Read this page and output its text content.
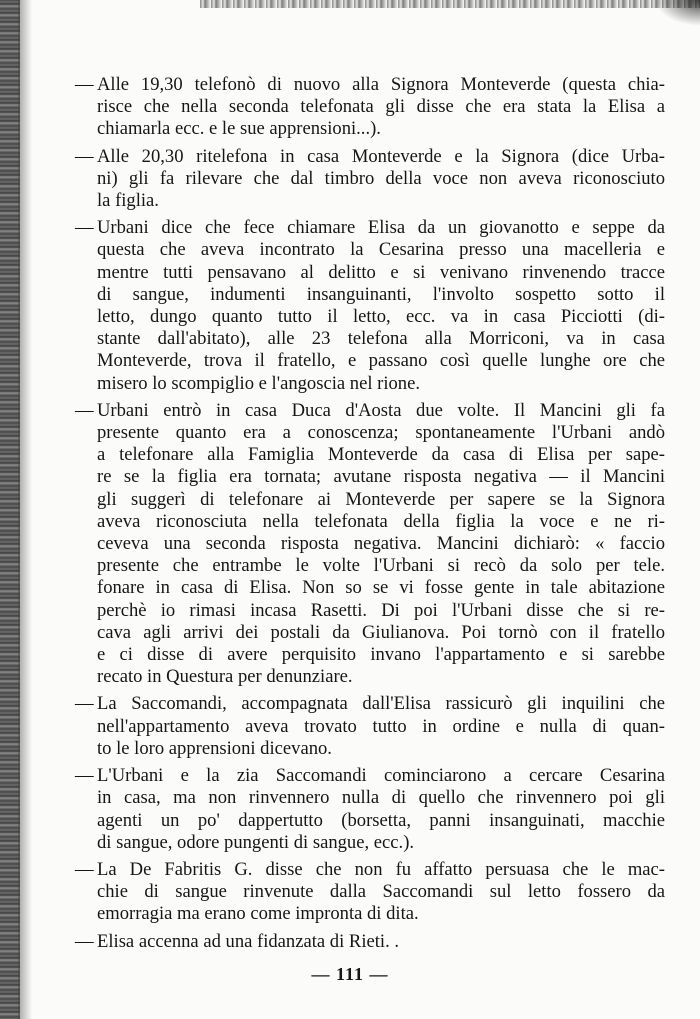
— Alle 19,30 telefonò di nuovo alla Signora Monteverde (questa chia-
risce che nella seconda telefonata gli disse che era stata la Elisa a
chiamarla ecc. e le sue apprensioni...).
— Alle 20,30 ritelefona in casa Monteverde e la Signora (dice Urba-
ni) gli fa rilevare che dal timbro della voce non aveva riconosciuto
la figlia.
— Urbani dice che fece chiamare Elisa da un giovanotto e seppe da
questa che aveva incontrato la Cesarina presso una macelleria e
mentre tutti pensavano al delitto e si venivano rinvenendo tracce
di sangue, indumenti insanguinanti, l'involto sospetto sotto il
letto, dungo quanto tutto il letto, ecc. va in casa Picciotti (di-
stante dall'abitato), alle 23 telefona alla Morriconi, va in casa
Monteverde, trova il fratello, e passano così quelle lunghe ore che
misero lo scompiglio e l'angoscia nel rione.
— Urbani entrò in casa Duca d'Aosta due volte. Il Mancini gli fa
presente quanto era a conoscenza; spontaneamente l'Urbani andò
a telefonare alla Famiglia Monteverde da casa di Elisa per sape-
re se la figlia era tornata; avutane risposta negativa — il Mancini
gli suggerì di telefonare ai Monteverde per sapere se la Signora
aveva riconosciuta nella telefonata della figlia la voce e ne ri-
ceveva una seconda risposta negativa. Mancini dichiarò: « faccio
presente che entrambe le volte l'Urbani si recò da solo per tele.
fonare in casa di Elisa. Non so se vi fosse gente in tale abitazione
perchè io rimasi incasa Rasetti. Di poi l'Urbani disse che si re-
cava agli arrivi dei postali da Giulianova. Poi tornò con il fratello
e ci disse di avere perquisito invano l'appartamento e si sarebbe
recato in Questura per denunziare.
— La Saccomandi, accompagnata dall'Elisa rassicurò gli inquilini che
nell'appartamento aveva trovato tutto in ordine e nulla di quan-
to le loro apprensioni dicevano.
— L'Urbani e la zia Saccomandi cominciarono a cercare Cesarina
in casa, ma non rinvennero nulla di quello che rinvennero poi gli
agenti un po' dappertutto (borsetta, panni insanguinati, macchie
di sangue, odore pungenti di sangue, ecc.).
— La De Fabritis G. disse che non fu affatto persuasa che le mac-
chie di sangue rinvenute dalla Saccomandi sul letto fossero da
emorragia ma erano come impronta di dita.
— Elisa accenna ad una fidanzata di Rieti. .
— 111 —
